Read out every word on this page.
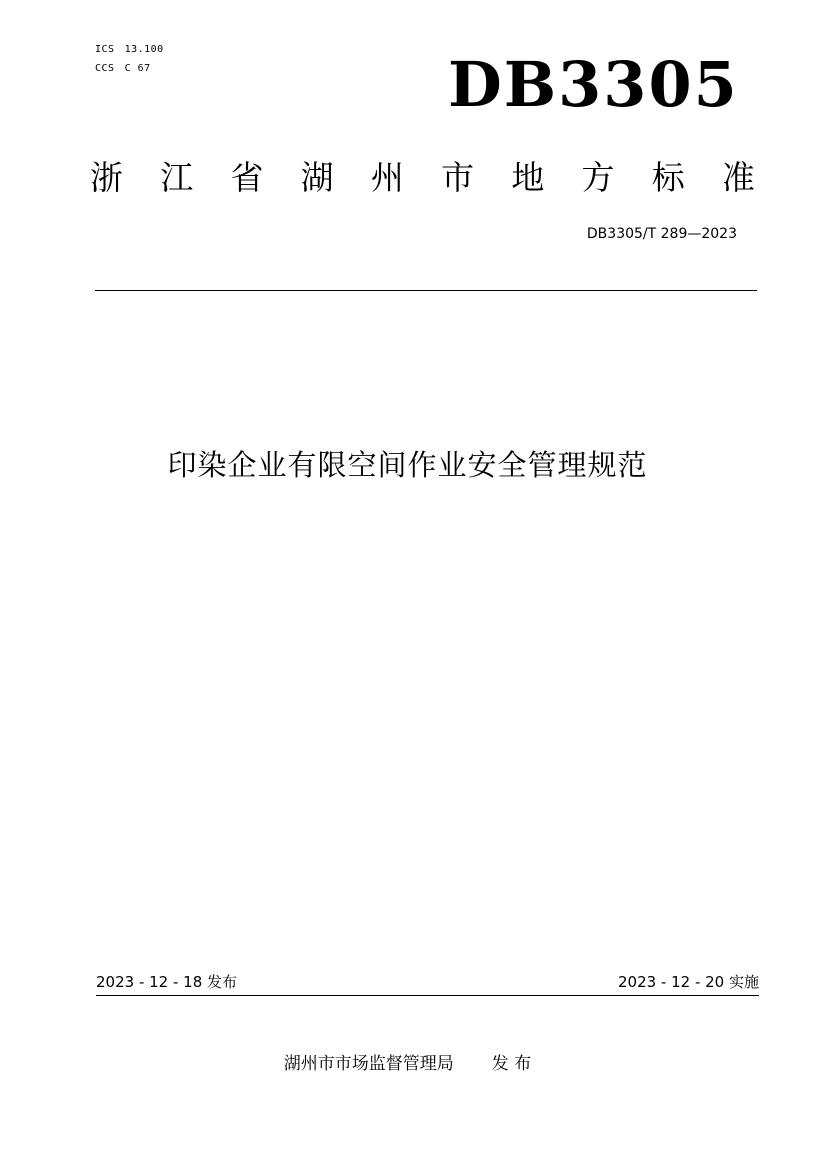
ICS 13.100
CCS C 67	DB3305
浙 江 省 湖 州 市 地 方 标 准
DB3305/T 289—2023
印染企业有限空间作业安全管理规范
2023 - 12 - 18 发布	2023 - 12 - 20 实施
湖州市市场监督管理局 发 布
